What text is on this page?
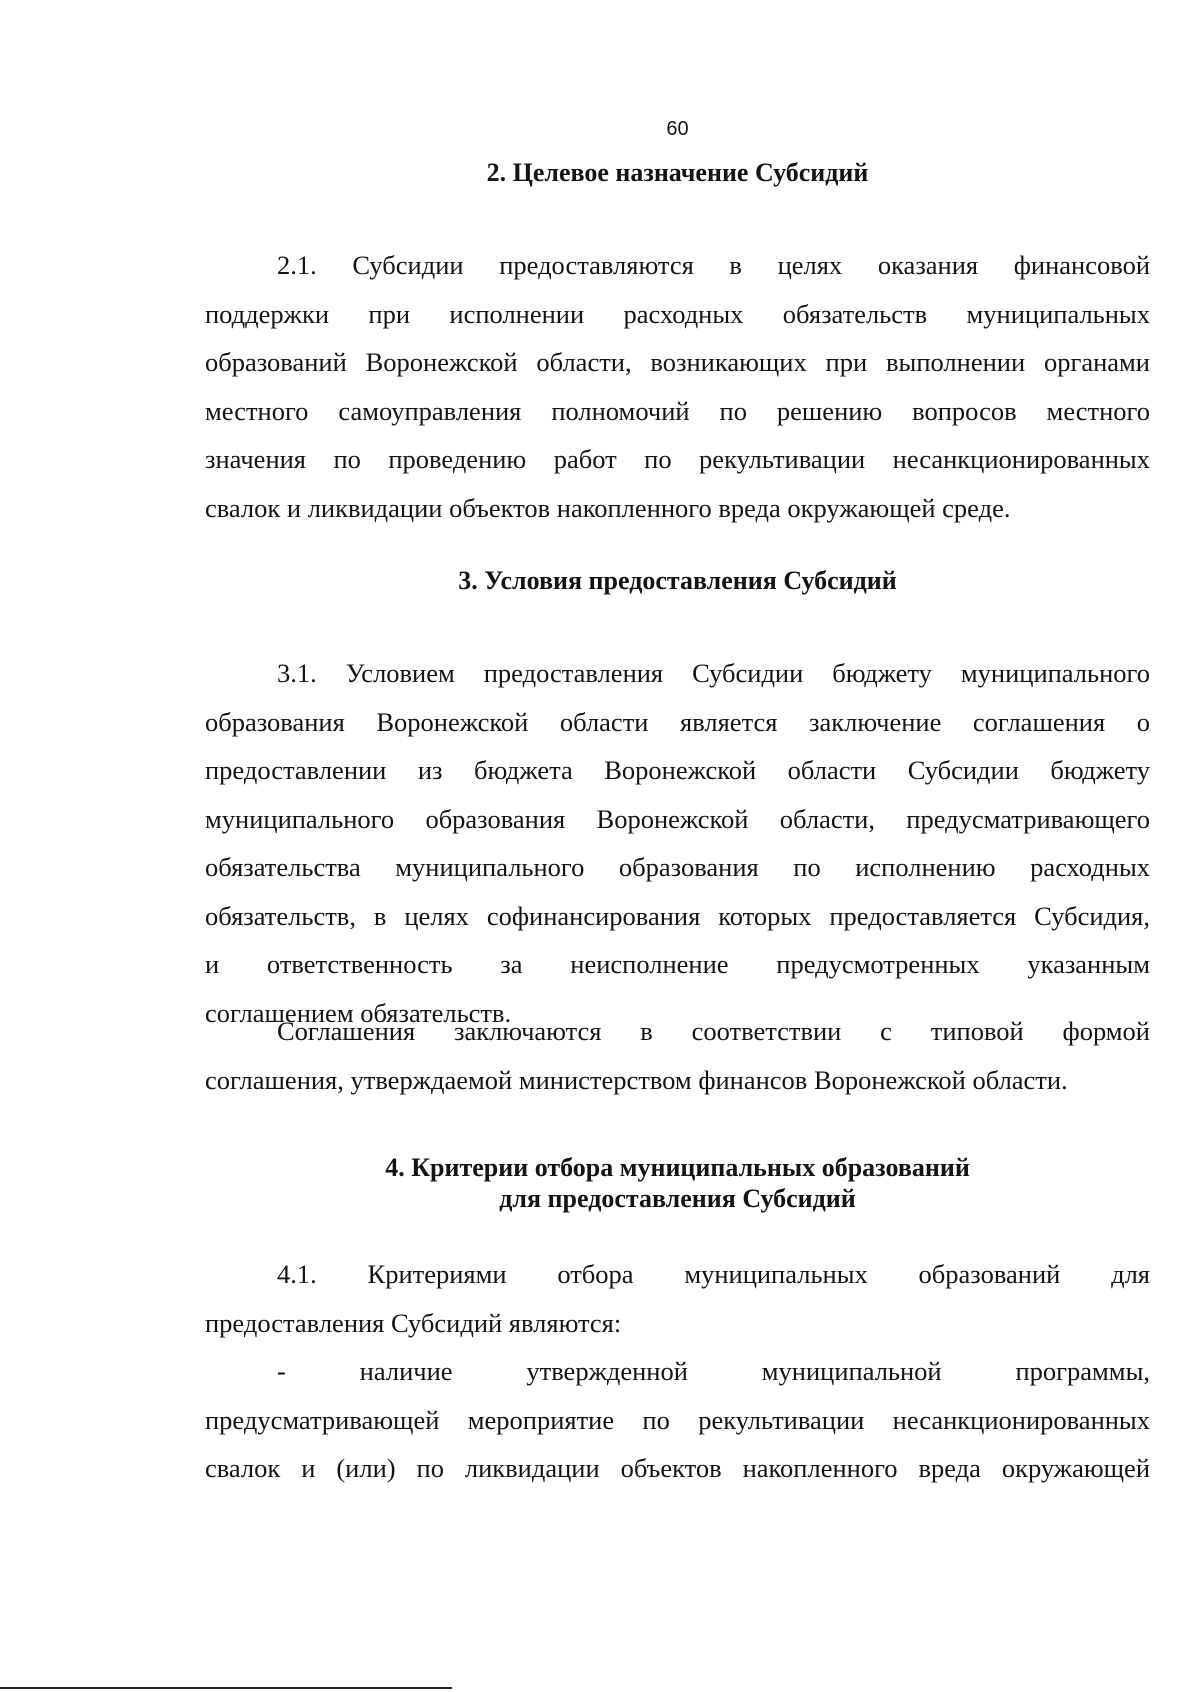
60
2. Целевое назначение Субсидий

2.1. Субсидии предоставляются в целях оказания финансовой
поддержки при исполнении расходных обязательств муниципальных
образований Воронежской области, возникающих при выполнении органами
местного самоуправления полномочий по решению вопросов местного
значения по проведению работ по рекультивации несанкционированных
свалок и ликвидации объектов накопленного вреда окружающей среде.

3. Условия предоставления Субсидий

3.1. Условием предоставления Субсидии бюджету муниципального
образования Воронежской области является заключение соглашения о
предоставлении из бюджета Воронежской области Субсидии бюджету
муниципального образования Воронежской области, предусматривающего
обязательства муниципального образования по исполнению расходных
обязательств, в целях софинансирования которых предоставляется Субсидия,
и ответственность за неисполнение предусмотренных указанным
соглашением обязательств.

Соглашения заключаются в соответствии с типовой формой
соглашения, утверждаемой министерством финансов Воронежской области.

4. Критерии отбора муниципальных образований
для предоставления Субсидий

4.1. Критериями отбора муниципальных образований для
предоставления Субсидий являются:

- наличие утвержденной муниципальной программы,
предусматривающей мероприятие по рекультивации несанкционированных
свалок и (или) по ликвидации объектов накопленного вреда окружающей
